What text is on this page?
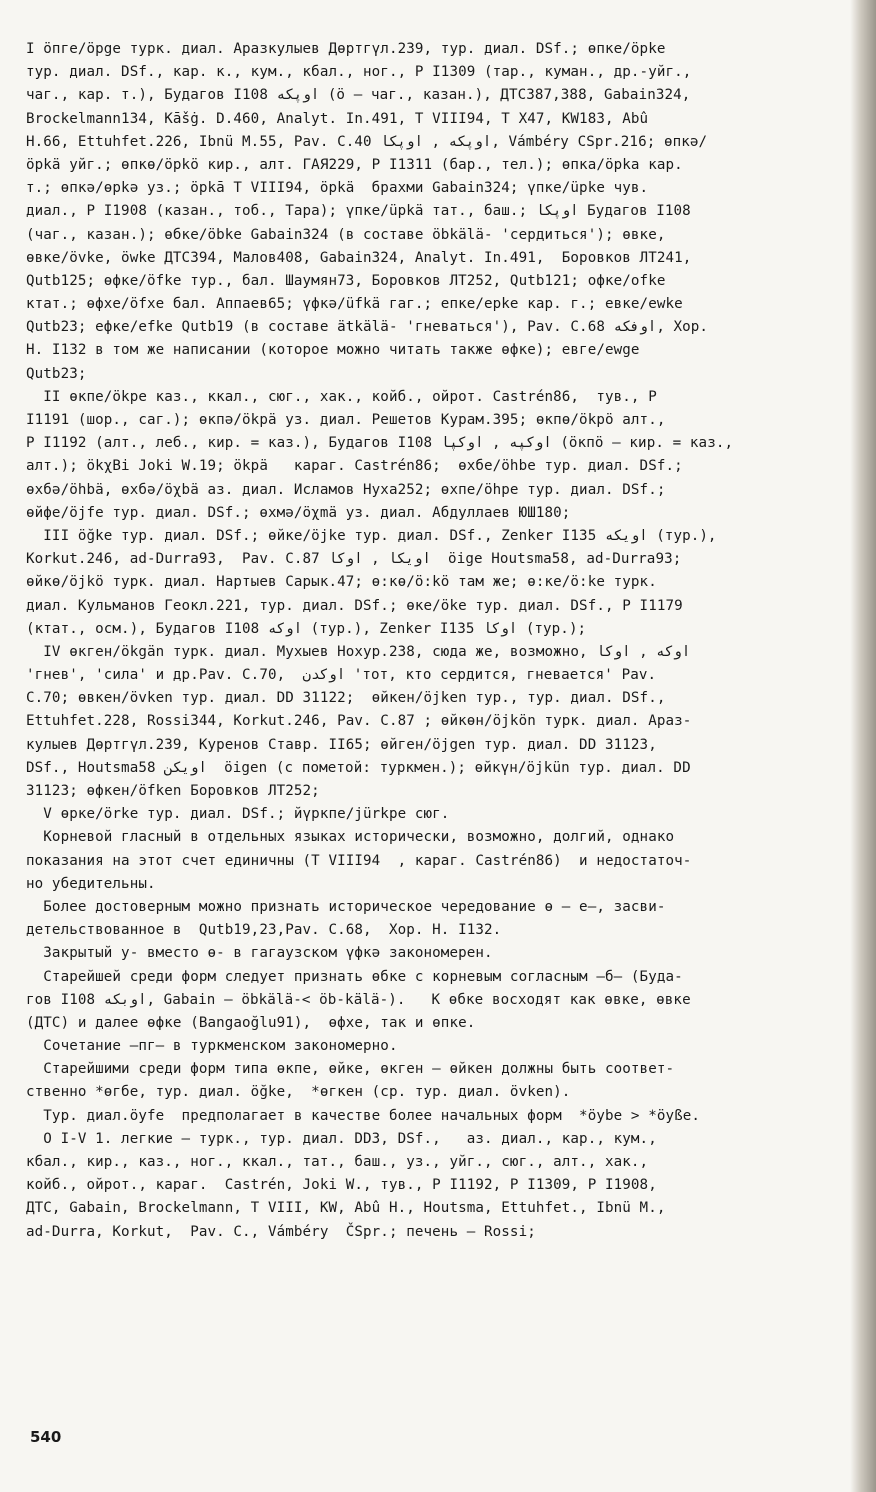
I ӧпге/ӧрge турк. диал. Аразкулыев Дөртгүл.239, тур. диал. DSf.; өпке/öpke
тур. диал. DSf., кар. к., кум., кбал., ног., Р I1309 (тар., куман., др.-уйг.,
чаг., кар. т.), Будагов I108 اوپكه (ӧ – чаг., казан.), ДТС387,388, Gabain324,
Brockelmann134, Kāšġ. D.460, Analyt. In.491, T VIII94, T X47, KW183, Abû
H.66, Ettuhfet.226, Ibnü M.55, Pav. C.40 اوپكه , اوپكا, Vámbéry CSpr.216; өпкә/
öpkä уйг.; өпкө/öpkö кир., алт. ГАЯ229, Р I1311 (бар., тел.); өпка/öpka кар.
т.; өпкә/өрkә уз.; öpkā Т VIII94, öpkä  брахми Gabain324; үпке/üpke чув.
диал., Р I1908 (казан., тоб., Тара); үпке/üpkä тат., баш.; اوپكا Будагов I108
(чаг., казан.); өбке/öbke Gabain324 (в составе öbkälä- 'сердиться'); өвке,
өвке/övke, öwke ДТС394, Малов408, Gabain324, Analyt. In.491,  Боровков ЛТ241,
Qutb125; өфке/öfke тур., бал. Шаумян73, Боровков ЛТ252, Qutb121; офке/ofke
ктат.; өфхе/öfxe бал. Аппаев65; үфкә/üfkä гаг.; епке/epke кар. г.; евке/ewke
Qutb23; ефке/efke Qutb19 (в составе ätkälä- 'гневаться'), Pav. C.68 اوفكه, Хор.
Н. I132 в том же написании (которое можно читать также өфке); евге/ewge
Qutb23;
II өкпе/ökpe каз., ккал., сюг., хак., койб., ойрот. Castrén86,  тув., Р
I1191 (шор., саг.); өкпә/ökpä уз. диал. Решетов Курам.395; өкпө/ökpö алт.,
Р I1192 (алт., леб., кир. = каз.), Будагов I108 اوكپه , اوكپا (ӧкпӧ – кир. = каз.,
алт.); ökχBi Joki W.19; ökpä   караг. Castrén86;  өхбе/öhbe тур. диал. DSf.;
өхбә/öhbä, өхбә/öχbä аз. диал. Исламов Нуха252; өхпе/öhpe тур. диал. DSf.;
өйфе/öjfe тур. диал. DSf.; өхмә/öχmä уз. диал. Абдуллаев ЮШ180;
III öğke тур. диал. DSf.; өйке/öjke тур. диал. DSf., Zenker I135 اويكه (тур.),
Korkut.246, ad-Durra93,  Pav. C.87 اويكا , اوكا  öige Houtsma58, ad-Durra93;
өйкө/öjkö турк. диал. Нартыев Сарык.47; ө:кө/ö:kö там же; ө:ке/ö:ke турк.
диал. Кульманов Геокл.221, тур. диал. DSf.; өке/öke тур. диал. DSf., Р I1179
(ктат., осм.), Будагов I108 اوكه (тур.), Zenker I135 اوكا (тур.);
IV өкген/ökgän турк. диал. Мухыев Нохур.238, сюда же, возможно, اوكه , اوكا
'гнев', 'сила' и др.Pav. C.70,  اوكدن 'тот, кто сердится, гневается' Pav.
C.70; өвкен/övken тур. диал. DD 31122;  өйкен/öjken тур., тур. диал. DSf.,
Ettuhfet.228, Rossi344, Korkut.246, Pav. C.87 ; өйкөн/öjkön турк. диал. Араз-
кулыев Дөртгүл.239, Куренов Ставр. II65; өйген/öjgen тур. диал. DD 31123,
DSf., Houtsma58 اويكن  öigen (с пометой: туркмен.); өйкүн/öjkün тур. диал. DD
31123; өфкен/öfken Боровков ЛТ252;
V өрке/örke тур. диал. DSf.; йүркпе/jürkpe сюг.
Корневой гласный в отдельных языках исторически, возможно, долгий, однако
показания на этот счет единичны (Т VIII94  , караг. Castrén86)  и недостаточ-
но убедительны.
Более достоверным можно признать историческое чередование ө – е–, засви-
детельствованное в  Qutb19,23,Pav. C.68,  Хор. Н. I132.
Закрытый у- вместо ө- в гагаузском үфкә закономерен.
Старейшей среди форм следует признать өбке с корневым согласным –б– (Буда-
гов I108 اوبكه, Gabain – öbkälä-< öb-kälä-).   К өбке восходят как өвке, өвке
(ДТС) и далее өфке (Bangaoğlu91),  өфхе, так и өпке.
Сочетание –пг– в туркменском закономерно.
Старейшими среди форм типа өкпе, өйке, өкген – өйкен должны быть соответ-
ственно *өгбе, тур. диал. öğke,  *өгкен (ср. тур. диал. övken).
Тур. диал.öyfe  предполагает в качестве более начальных форм  *öybe > *öyße.
O I-V 1. легкие – турк., тур. диал. DD3, DSf.,   аз. диал., кар., кум.,
кбал., кир., каз., ног., ккал., тат., баш., уз., уйг., сюг., алт., хак.,
койб., ойрот., караг.  Castrén, Joki W., тув., Р I1192, Р I1309, Р I1908,
ДТС, Gabain, Brockelmann, T VIII, KW, Abû H., Houtsma, Ettuhfet., Ibnü M.,
ad-Durra, Korkut,  Pav. C., Vámbéry  ČSpr.; печень – Rossi;
540
